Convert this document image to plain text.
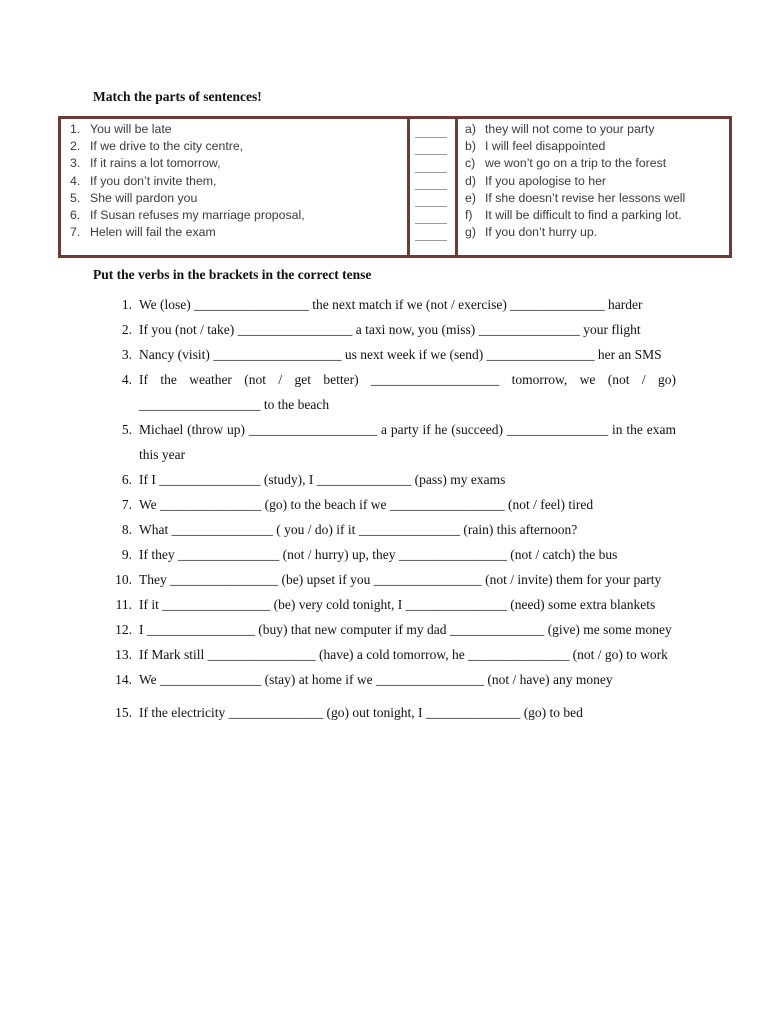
Match the parts of sentences!
1. You will be late
2. If we drive to the city centre,
3. If it rains a lot tomorrow,
4. If you don’t invite them,
5. She will pardon you
6. If Susan refuses my marriage proposal,
7. Helen will fail the exam
a) they will not come to your party
b) I will feel disappointed
c) we won’t go on a trip to the forest
d) If you apologise to her
e) If she doesn’t revise her lessons well
f) It will be difficult to find a parking lot.
g) If you don’t hurry up.
Put the verbs in the brackets in the correct tense
1. We (lose) _________________ the next match if we (not / exercise) ______________ harder
2. If you (not / take) _________________ a taxi now, you (miss) _______________ your flight
3. Nancy (visit) ___________________ us next week if we (send) ________________ her an SMS
4. If the weather (not / get better) ___________________ tomorrow, we (not / go) __________________ to the beach
5. Michael (throw up) ___________________ a party if he (succeed) _______________ in the exam this year
6. If I _______________ (study), I ______________ (pass) my exams
7. We _______________ (go) to the beach if we _________________ (not / feel) tired
8. What _______________ ( you / do) if it _______________ (rain) this afternoon?
9. If they _______________ (not / hurry) up, they ________________ (not / catch) the bus
10. They ________________ (be) upset if you ________________ (not / invite) them for your party
11. If it ________________ (be) very cold tonight, I _______________ (need) some extra blankets
12. I ________________ (buy) that new computer if my dad ______________ (give) me some money
13. If Mark still ________________ (have) a cold tomorrow, he _______________ (not / go) to work
14. We _______________ (stay) at home if we ________________ (not / have) any money
15. If the electricity ______________ (go) out tonight, I ______________ (go) to bed
